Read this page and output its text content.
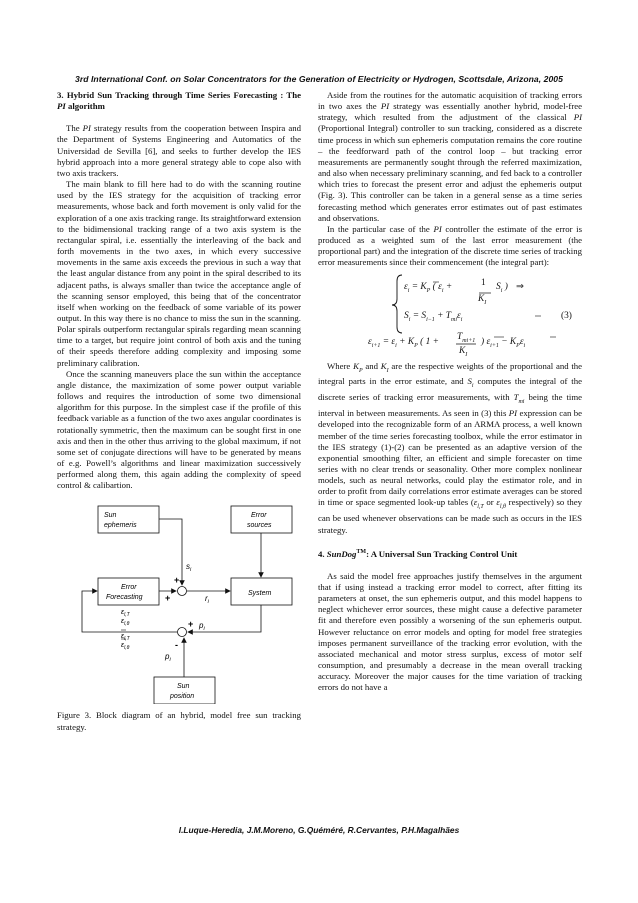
3rd International Conf. on Solar Concentrators for the Generation of Electricity or Hydrogen, Scottsdale, Arizona, 2005

3. Hybrid Sun Tracking through Time Series Forecasting : The PI algorithm

The PI strategy results from the cooperation between Inspira and the Department of Systems Engineering and Automatics of the Universidad de Sevilla [6], and seeks to further develop the IES hybrid approach into a more general strategy able to cope also with two axis trackers.

The main blank to fill here had to do with the scanning routine used by the IES strategy for the acquisition of tracking error measurements, whose back and forth movement is only valid for the exploration of a one axis tracking range. Its straightforward extension to the bidimensional tracking range of a two axis system is the rectangular spiral, i.e. essentially the interleaving of the back and forth movements in the two axes, in which every successive movements in the same axis exceeds the previous in such a way that the least angular distance from any point in the spiral described to its adjacent paths, is always smaller than twice the acceptance angle of the scanning sensor employed, this being that of the concentrator itself when working on the feedback of some variable of its power output. In this way there is no chance to miss the sun in the scanning. Polar spirals outperform rectangular spirals regarding mean scanning time to a target, but require joint control of both axis and the tuning of their speeds therefore adding complexity and imposing some preliminary calibration.

Once the scanning maneuvers place the sun within the acceptance angle distance, the maximization of some power output variable follows and requires the introduction of some two dimensional algorithm for this purpose. In the simplest case if the profile of this feedback variable as a function of the two axes angular coordinates is rotationally symmetric, then the maximum can be sought first in one axis and then in the other thus arriving to the global maximum, if not some set of conjugate directions will have to be generated by means of e.g. Powell’s algorithms and linear maximization successively performed along them, this again adding the complexity of speed control & calibartion.

Sun
ephemeris
Error
sources
Error
Forecasting
System
Sun
position
$s_i$
+
+	$r_i$
$p_i$
+
-
$p_i$
$\varepsilon_{l,T}$
$\varepsilon_{l,\theta}$
$\varepsilon_{l,T}$
$\varepsilon_{l,\theta}$

Figure 3. Block diagram of an hybrid, model free sun tracking strategy.

Aside from the routines for the automatic acquisition of tracking errors in two axes the PI strategy was essentially another hybrid, model-free strategy, which resulted from the adjustment of the classical PI (Proportional Integral) controller to sun tracking, considered as a discrete time process in which sun ephemeris computation remains the core routine – the feedforward path of the control loop – but tracking error measurements are permanently sought through the referred maximization, and also when necessary preliminary scanning, and fed back to a controller which tries to forecast the present error and adjust the ephemeris output (Fig. 3). This controller can be taken in a general sense as a time series forecasting method which generates error estimates out of past estimates and observations.

In the particular case of the PI controller the estimate of the error is produced as a weighted sum of the last error measurement (the proportional part) and the integration of the discrete time series of tracking error measurements since their commencement (the integral part):

$\varepsilon_i = K_P$ ( $\varepsilon_i$ +	1
$K_I$
$S_i$ ) ⇒
$S_i = S_{i-1} + T_{mi}\varepsilon_i$	(3)
$\varepsilon_{i+1} = \varepsilon_i + K_P$ ( $1 + T_{mi+1}$
$K_I$
) $\varepsilon_{i+1} - K_P\varepsilon_i$

Where $K_P$ and $K_I$ are the respective weights of the proportional and the integral parts in the error estimate, and $S_i$ computes the integral of the discrete series of tracking error measurements, with $T_{mi}$ being the time interval in between measurements. As seen in (3) this PI expression can be developed into the recognizable form of an ARMA process, a well known member of the time series forecasting toolbox, while the error estimator in the IES strategy (1)-(2) can be presented as an adaptive version of the exponential smoothing filter, an efficient and simple forecaster on time series with no clear trends or seasonality. Other more complex nonlinear models, such as neural networks, could play the estimator role, and in order to profit from daily correlations error estimate averages can be stored in time or space segmented look-up tables ($\varepsilon_{l,T}$ or $\varepsilon_{l,\theta}$ respectively) so they can be used whenever observations can be made such as occurs in the IES strategy.

4. SunDog™: A Universal Sun Tracking Control Unit

As said the model free approaches justify themselves in the argument that if using instead a tracking error model to correct, after fitting its parameters at onset, the sun ephemeris output, and this model happens to neglect whichever error sources, these might cause a defective parameter fit and therefore even possibly a worsening of the sun ephemeris output. However reluctance on error models and opting for model free strategies imposes permanent surveillance of the tracking error evolution, with the associated mechanical and motor stress surplus, excess of motor self consumption, and presumably a decrease in the mean overall tracking accuracy. Moreover the major causes for the time variation of tracking errors do not have a

I.Luque-Heredia, J.M.Moreno, G.Quéméré, R.Cervantes, P.H.Magalhães
